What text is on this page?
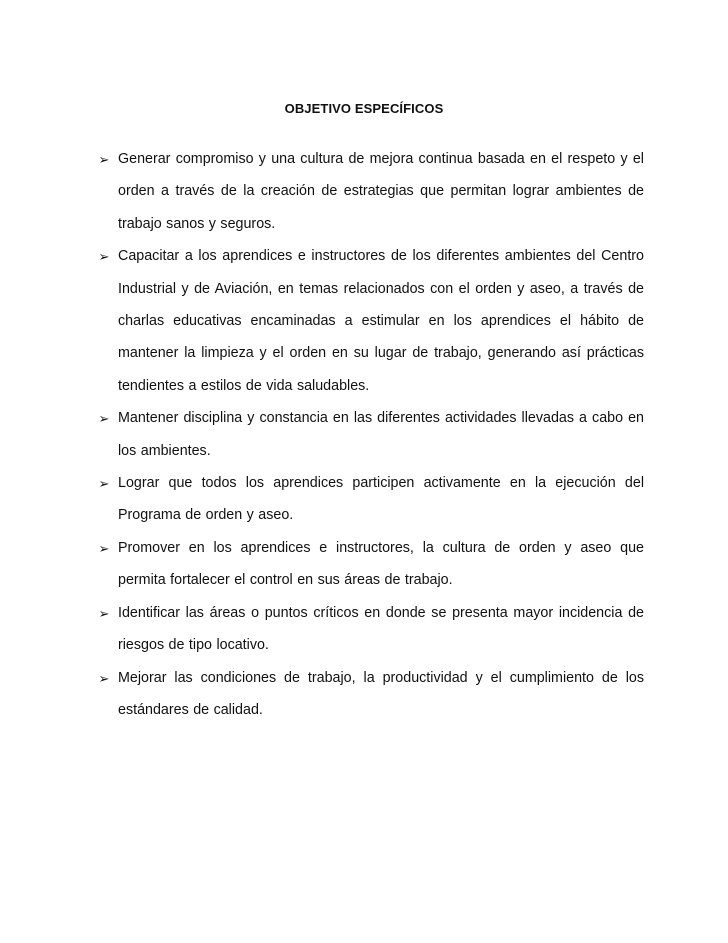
OBJETIVO ESPECÍFICOS
➢ Generar compromiso y una cultura de mejora continua basada en el respeto y el orden a través de la creación de estrategias que permitan lograr ambientes de trabajo sanos y seguros.
➢ Capacitar a los aprendices e instructores de los diferentes ambientes del Centro Industrial y de Aviación, en temas relacionados con el orden y aseo, a través de charlas educativas encaminadas a estimular en los aprendices el hábito de mantener la limpieza y el orden en su lugar de trabajo, generando así prácticas tendientes a estilos de vida saludables.
➢ Mantener disciplina y constancia en las diferentes actividades llevadas a cabo en los ambientes.
➢ Lograr que todos los aprendices participen activamente en la ejecución del Programa de orden y aseo.
➢ Promover en los aprendices e instructores, la cultura de orden y aseo que permita fortalecer el control en sus áreas de trabajo.
➢ Identificar las áreas o puntos críticos en donde se presenta mayor incidencia de riesgos de tipo locativo.
➢ Mejorar las condiciones de trabajo, la productividad y el cumplimiento de los estándares de calidad.
